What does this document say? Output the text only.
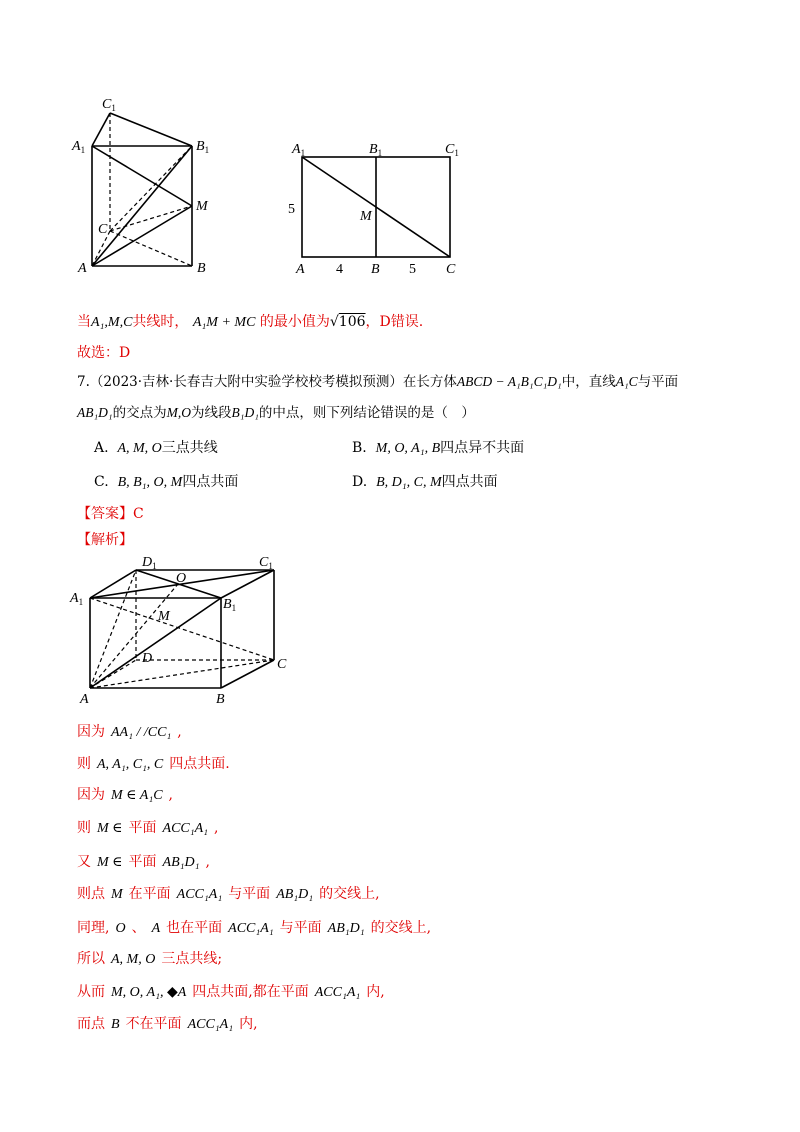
$C_1$
$A_1$	$B_1$
M
C
A	B
$A_1$	$B_1$	$C_1$
M
5
A 4 B 5 C
当A₁,M,C共线时， A₁M + MC 的最小值为√106，D错误.
故选：D
7.（2023·吉林·长春吉大附中实验学校校考模拟预测）在长方体ABCD − A₁B₁C₁D₁中，直线A₁C与平面
AB₁D₁的交点为M,O为线段B₁D₁的中点，则下列结论错误的是（　）
A. A, M, O三点共线	B. M, O, A₁, B四点异不共面
C. B, B₁, O, M四点共面	D. B, D₁, C, M四点共面
【答案】C
【解析】
$D_1$
O
$C_1$
$A_1$
M
$B_1$
D	C
A	B
因为 AA₁ / /CC₁ ,
则 A, A₁, C₁, C 四点共面.
因为 M ∈ A₁C ,
则 M ∈ 平面 ACC₁A₁ ,
又 M ∈ 平面 AB₁D₁ ,
则点 M 在平面 ACC₁A₁ 与平面 AB₁D₁ 的交线上,
同理, O 、 A 也在平面 ACC₁A₁ 与平面 AB₁D₁ 的交线上,
所以 A, M, O 三点共线;
从而 M, O, A₁, ◆A 四点共面,都在平面 ACC₁A₁ 内,
而点 B 不在平面 ACC₁A₁ 内,
